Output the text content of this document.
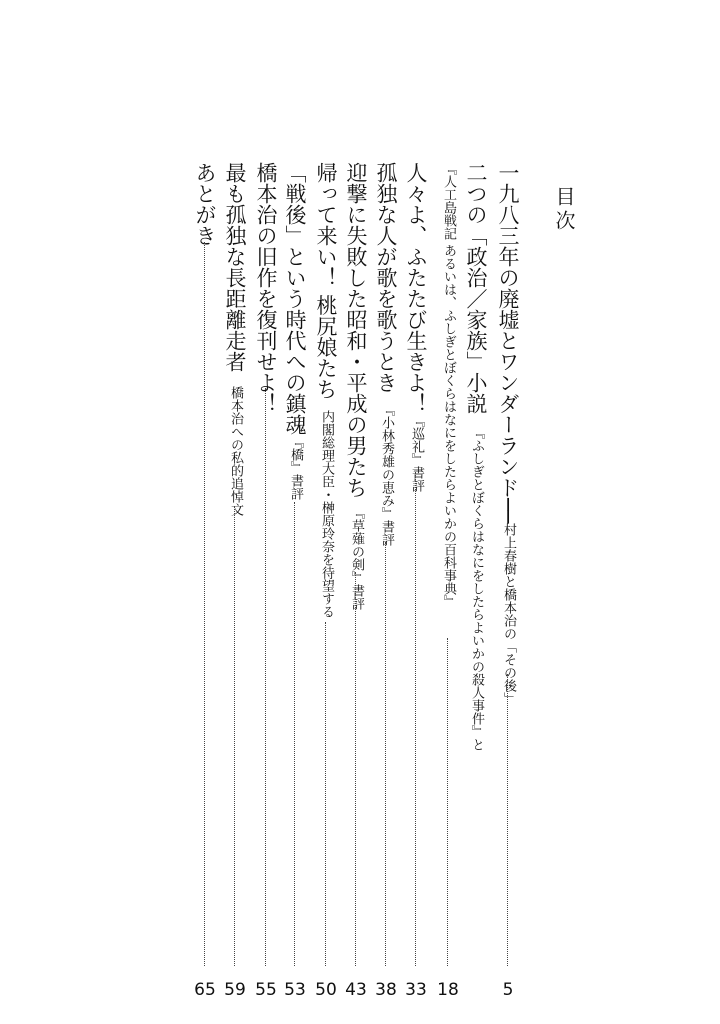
目次
一九八三年の廃墟とワンダーランド──村上春樹と橋本治の「その後」
5
二つの「政治／家族」小説『ふしぎとぼくらはなにをしたらよいかの殺人事件』と
『人工島戦記 あるいは、ふしぎとぼくらはなにをしたらよいかの百科事典』
18
人々よ、ふたたび生きよ！『巡礼』書評
33
孤独な人が歌を歌うとき『小林秀雄の恵み』書評
38
迎撃に失敗した昭和・平成の男たち『草薙の剣』書評
43
帰って来い！ 桃尻娘たち内閣総理大臣・榊原玲奈を待望する
50
「戦後」という時代への鎮魂『橋』書評
53
橋本治の旧作を復刊せよ！
55
最も孤独な長距離走者橋本治への私的追悼文
59
あとがき
65
